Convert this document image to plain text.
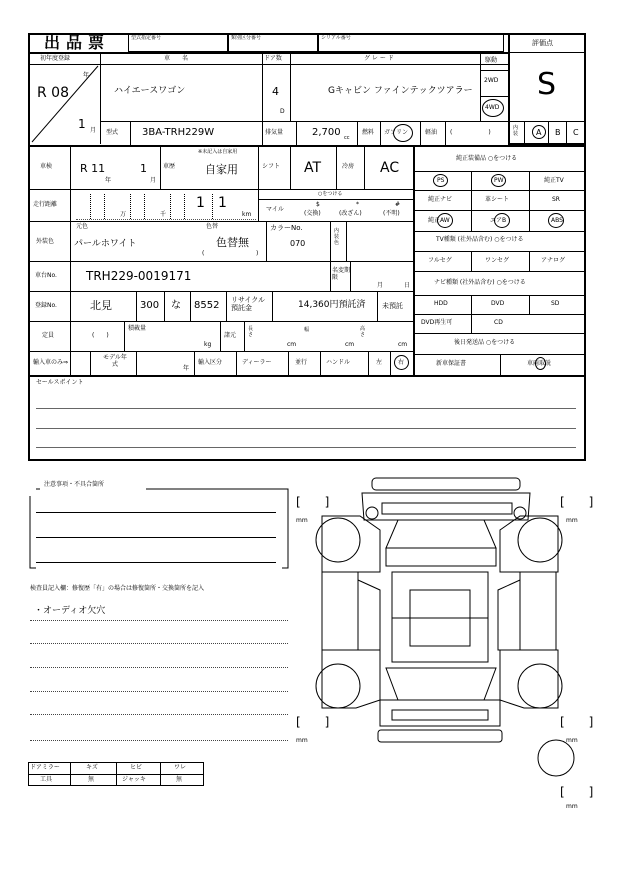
出品票	型式指定番号	類別区分番号	シリアル番号
評価点
S
初年度登録
R 08
年
1 月
車　　名
ハイエースワゴン
ドア数
4
D
グ レ ー ド
Gキャビン ファインテックツアラー
駆動
2WD
4WD
型式 3BA-TRH229W	排気量	2,700 cc
燃料 ガソリン	軽油 (　　　　　　)
内装 A B C
車検	R 11
年
1
月
車歴
※未記入は自家用
自家用	シフト AT	冷房 AC
走行距離
万	千
1 1
km
○をつける
マイル
$
(交換)
*
(改ざん)
#
(不明)
外装色
元色
パールホワイト
色替
色替無
(	)
カラーNo.
070
内装色
車台No. TRH229-0019171	名変期限
月	日
登録No.	北見	300 な 8552 リサイクル預託金	14,360円預託済 未預託
定員	(　　)
積載量
kg
諸元
長さ
cm
幅
cm
高さ
cm
輸入車のみ⇒
モデル年式
年
輸入区分	ディーラー	並行	ハンドル	左	右
純正装備品 ○をつける
PS	PW	純正TV
純正ナビ	革シート	SR
純正AW	エアB	ABS
TV種類 (社外品含む) ○をつける
フルセグ	ワンセグ	アナログ
ナビ種類 (社外品含む) ○をつける
HDD	DVD	SD
DVD再生可	CD
後日発送品 ○をつける
新車保証書	車両取説
セールスポイント
注意事項・不具合箇所
検査員記入欄：修復歴「有」の場合は修復箇所・交換箇所を記入
・オーディオ欠穴
ドアミラー	キズ	ヒビ	ワレ
工具	無	ジャッキ	無
[　　]
mm
[　　]
mm
[　　]
mm
[　　]
mm
[　　]
mm
